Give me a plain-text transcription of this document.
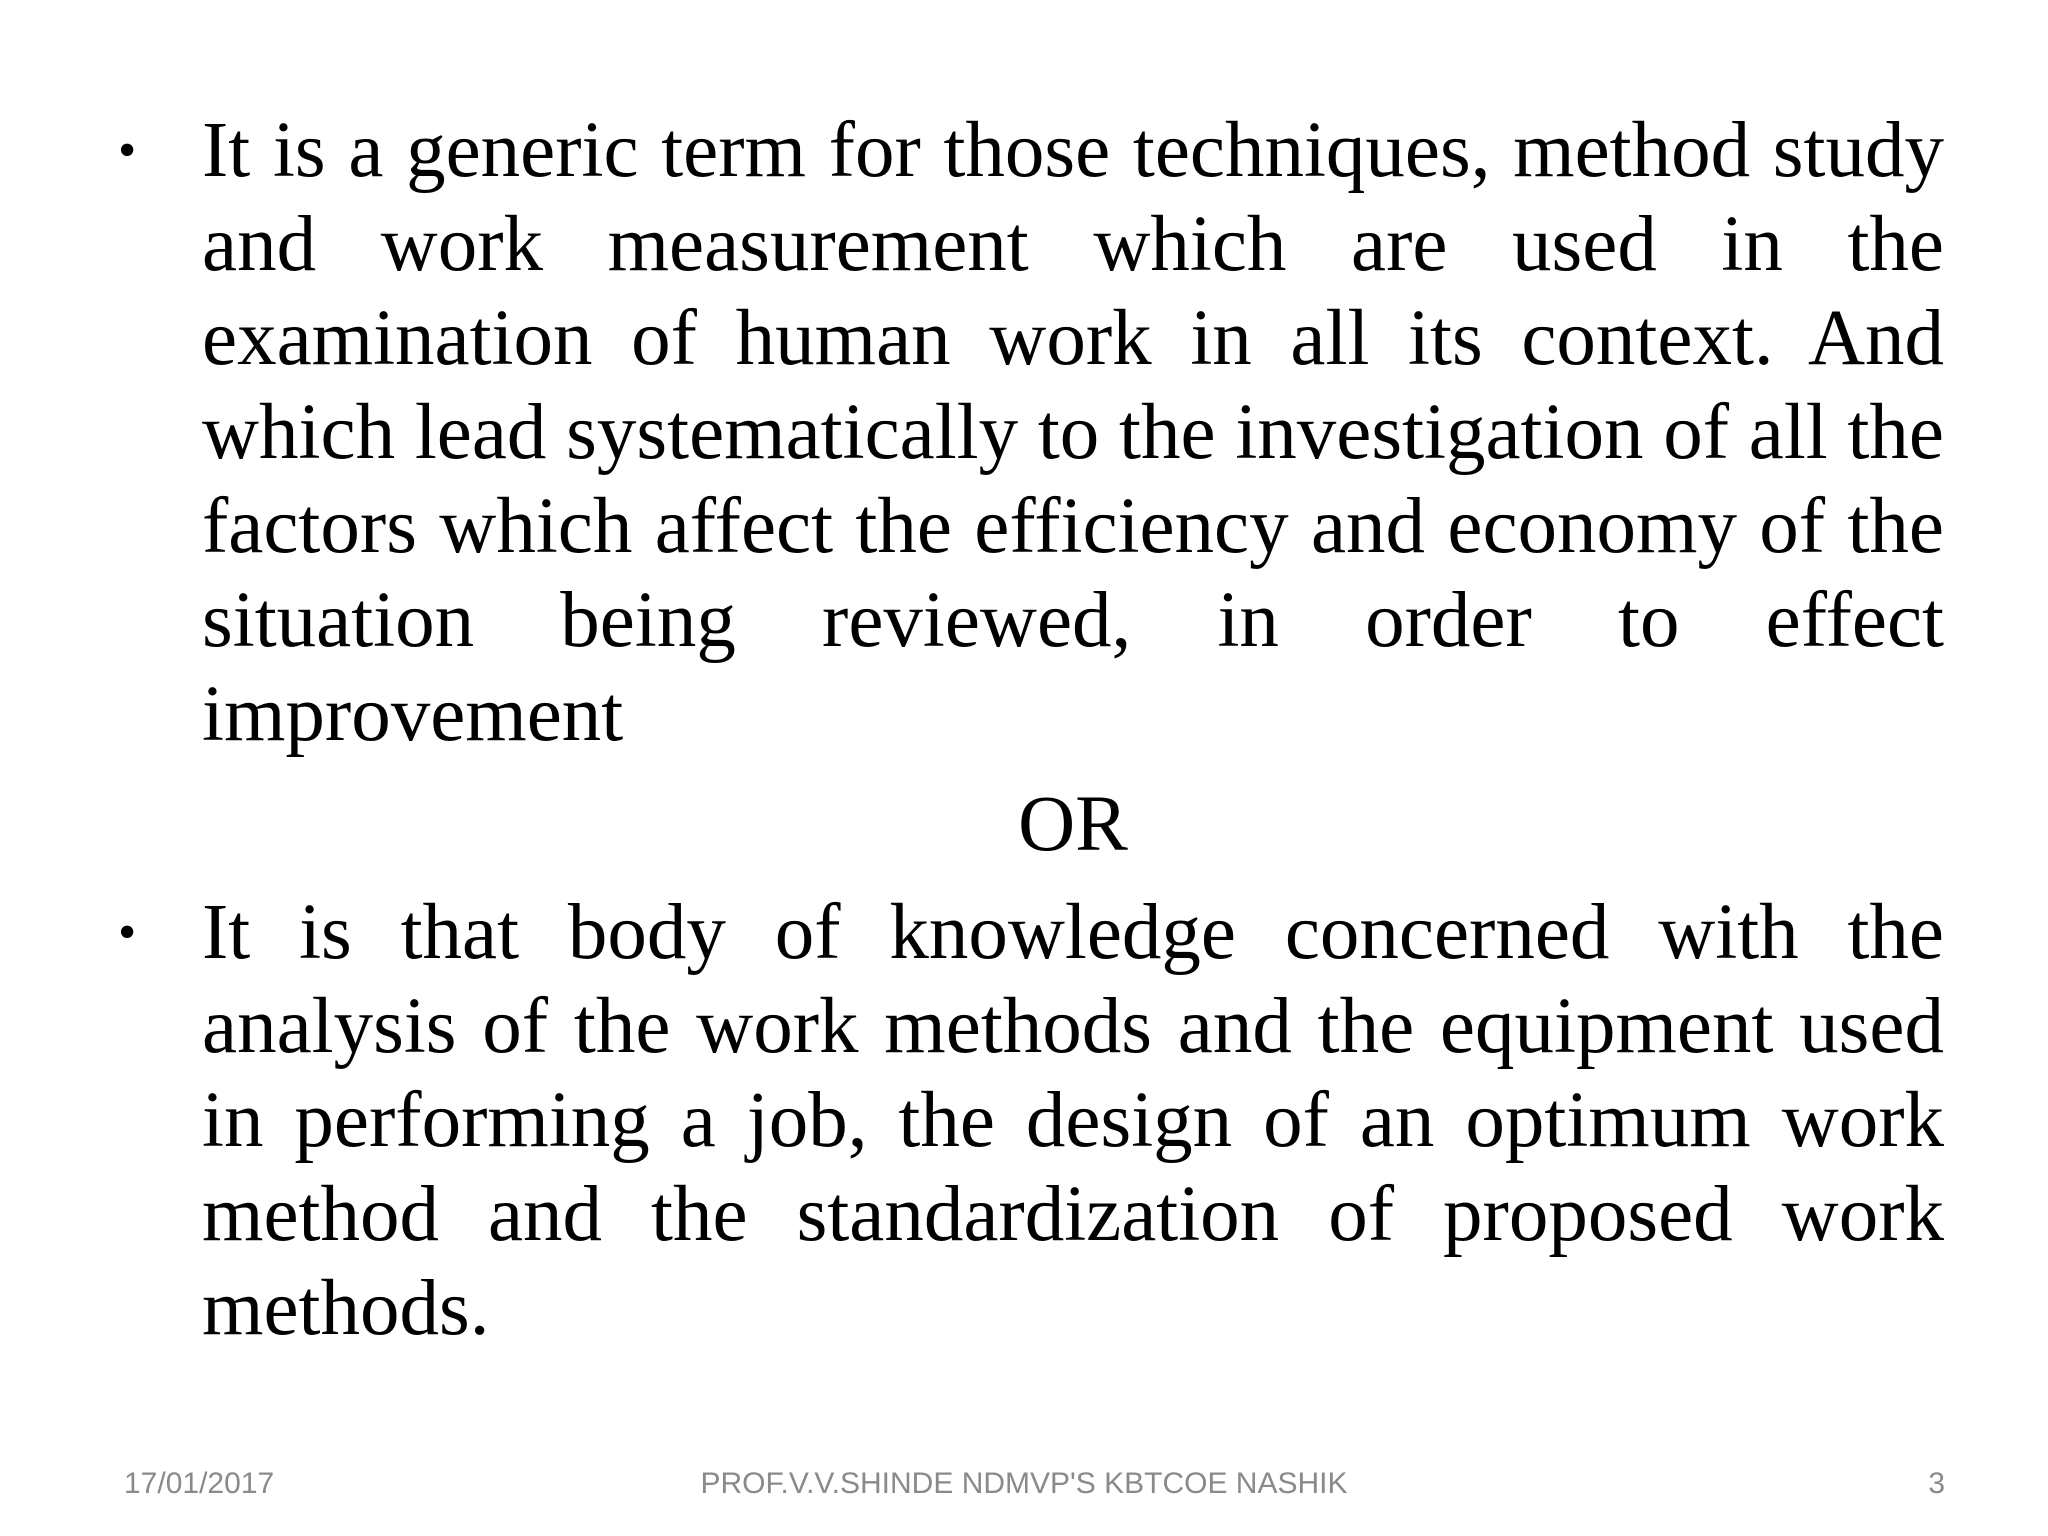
• It is a generic term for those techniques, method study and work measurement which are used in the examination of human work in all its context. And which lead systematically to the investigation of all the factors which affect the efficiency and economy of the situation being reviewed, in order to effect improvement
OR
• It is that body of knowledge concerned with the analysis of the work methods and the equipment used in performing a job, the design of an optimum work method and the standardization of proposed work methods.
17/01/2017	PROF.V.V.SHINDE NDMVP'S KBTCOE NASHIK	3
